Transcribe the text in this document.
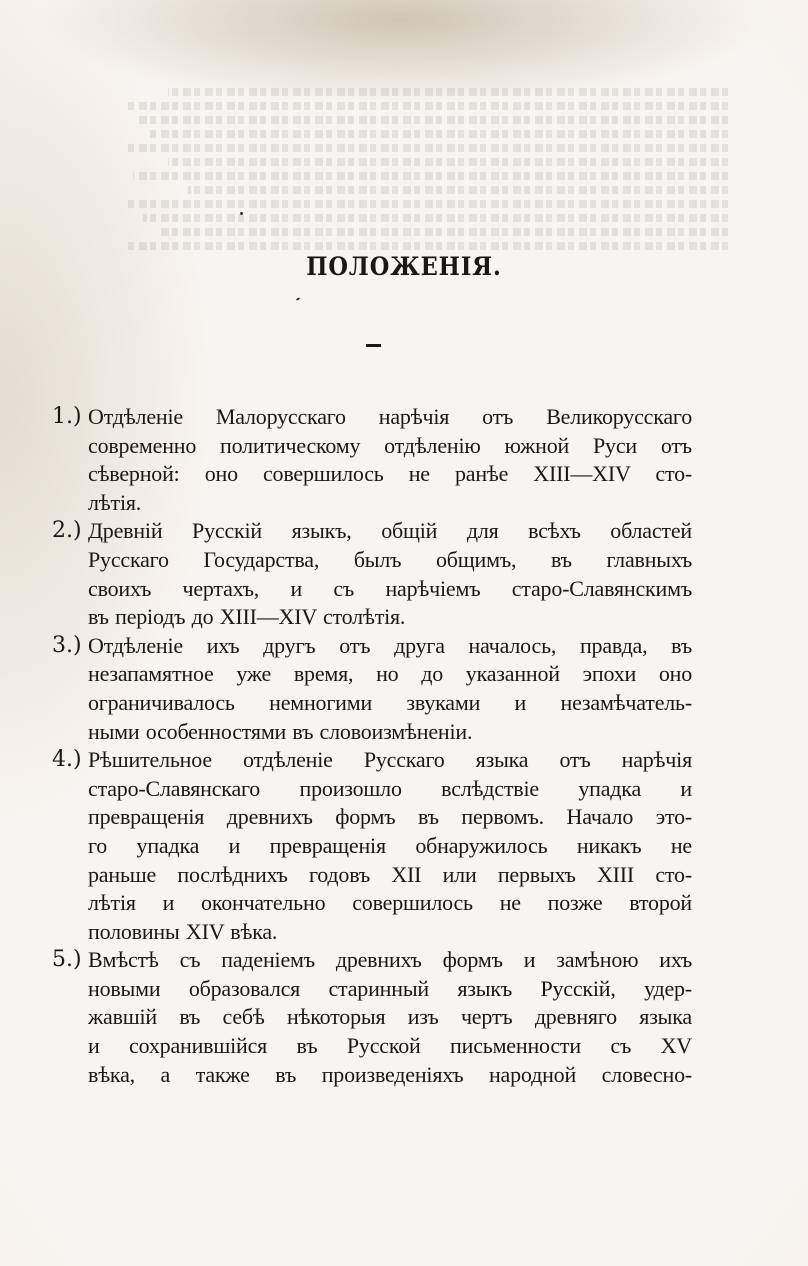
ПОЛОЖЕНІЯ.
1.) Отдѣленіе Малорусскаго нарѣчія отъ Великорусскаго
современно политическому отдѣленію южной Руси отъ
сѣверной: оно совершилось не ранѣе XIII—XIV сто-
лѣтія.
2.) Древній Русскій языкъ, общій для всѣхъ областей
Русскаго Государства, былъ общимъ, въ главныхъ
своихъ чертахъ, и съ нарѣчіемъ старо-Славянскимъ
въ періодъ до XIII—XIV столѣтія.
3.) Отдѣленіе ихъ другъ отъ друга началось, правда, въ
незапамятное уже время, но до указанной эпохи оно
ограничивалось немногими звуками и незамѣчатель-
ными особенностями въ словоизмѣненіи.
4.) Рѣшительное отдѣленіе Русскаго языка отъ нарѣчія
старо-Славянскаго произошло вслѣдствіе упадка и
превращенія древнихъ формъ въ первомъ. Начало это-
го упадка и превращенія обнаружилось никакъ не
раньше послѣднихъ годовъ XII или первыхъ XIII сто-
лѣтія и окончательно совершилось не позже второй
половины XIV вѣка.
5.) Вмѣстѣ съ паденіемъ древнихъ формъ и замѣною ихъ
новыми образовался старинный языкъ Русскій, удер-
жавшій въ себѣ нѣкоторыя изъ чертъ древняго языка
и сохранившійся въ Русской письменности съ XV
вѣка, а также въ произведеніяхъ народной словесно-
